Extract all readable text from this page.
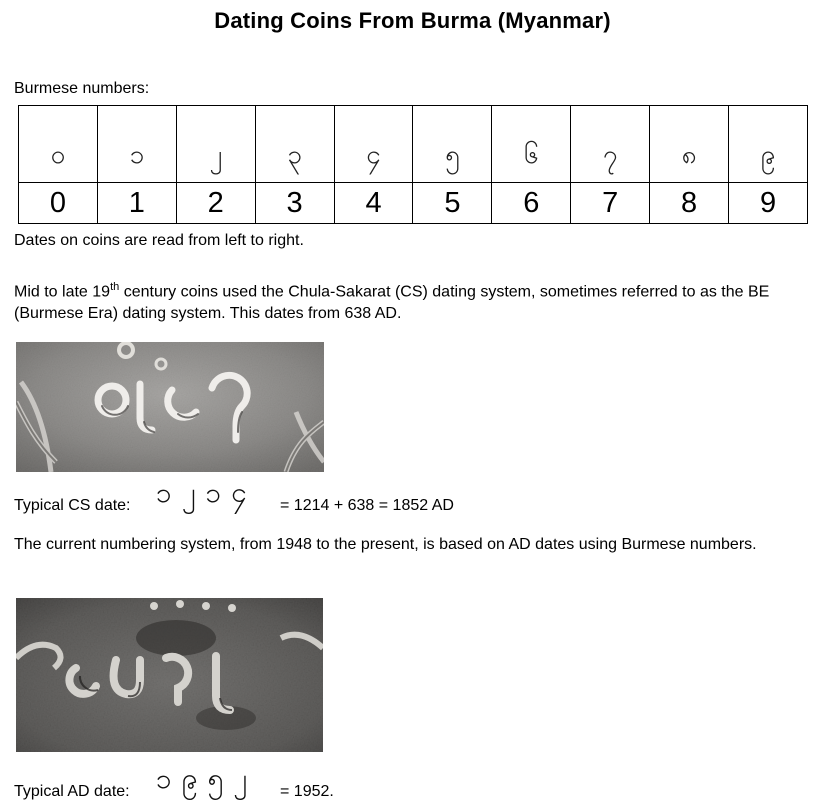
Dating Coins From Burma (Myanmar)

Burmese numbers:

၀	၁	၂	၃	၄	၅	၆	၇	၈	၉

0	1	2	3	4	5	6	7	8	9

Dates on coins are read from left to right.

Mid to late 19th century coins used the Chula-Sakarat (CS) dating system, sometimes referred to as the BE (Burmese Era) dating system. This dates from 638 AD.

Typical CS date: ၁၂၁၄ = 1214 + 638 = 1852 AD

The current numbering system, from 1948 to the present, is based on AD dates using Burmese numbers.

Typical AD date: ၁၉၅၂ = 1952.
